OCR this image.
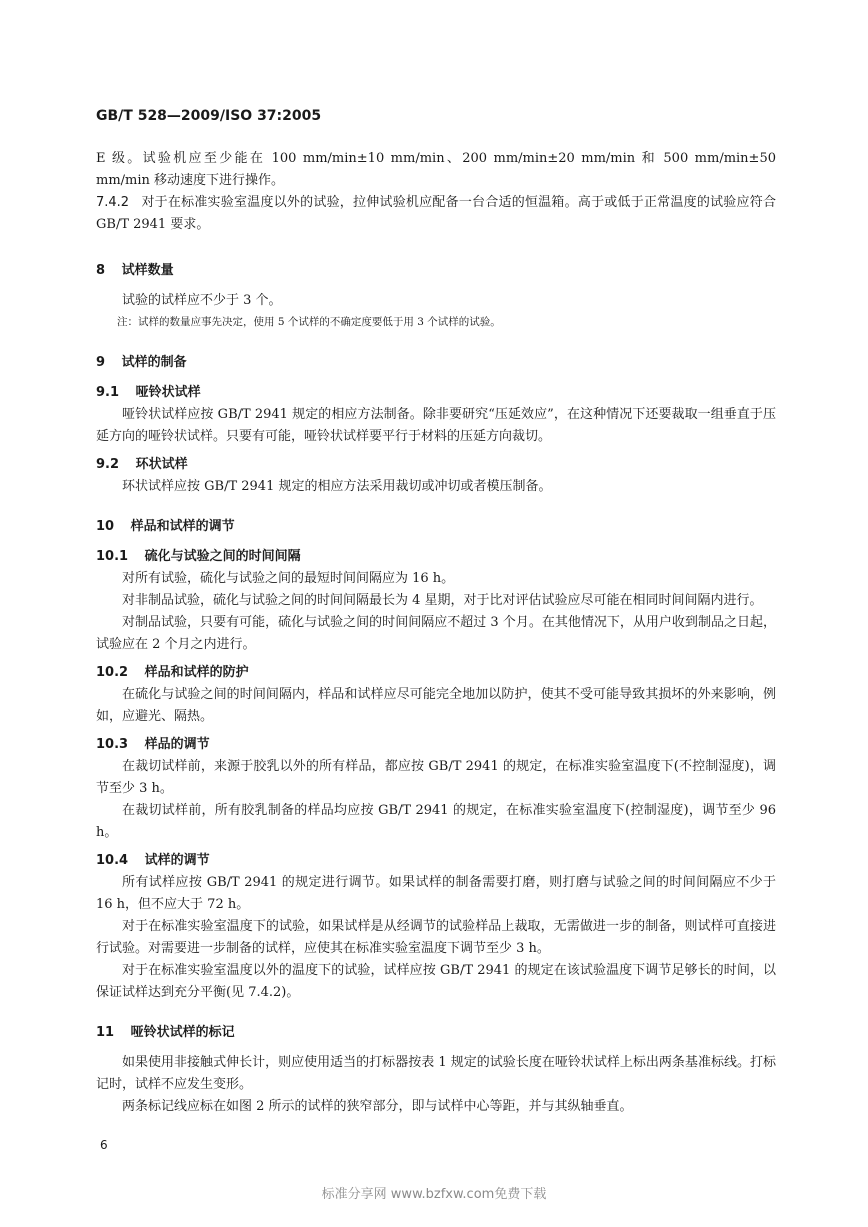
GB/T 528—2009/ISO 37:2005

E 级。试验机应至少能在 100 mm/min±10 mm/min、200 mm/min±20 mm/min 和 500 mm/min±50 mm/min 移动速度下进行操作。

7.4.2 对于在标准实验室温度以外的试验，拉伸试验机应配备一台合适的恒温箱。高于或低于正常温度的试验应符合 GB/T 2941 要求。

8 试样数量

试验的试样应不少于 3 个。

注：试样的数量应事先决定，使用 5 个试样的不确定度要低于用 3 个试样的试验。

9 试样的制备
9.1 哑铃状试样

哑铃状试样应按 GB/T 2941 规定的相应方法制备。除非要研究“压延效应”，在这种情况下还要裁取一组垂直于压延方向的哑铃状试样。只要有可能，哑铃状试样要平行于材料的压延方向裁切。

9.2 环状试样

环状试样应按 GB/T 2941 规定的相应方法采用裁切或冲切或者模压制备。

10 样品和试样的调节
10.1 硫化与试验之间的时间间隔

对所有试验，硫化与试验之间的最短时间间隔应为 16 h。

对非制品试验，硫化与试验之间的时间间隔最长为 4 星期，对于比对评估试验应尽可能在相同时间间隔内进行。

对制品试验，只要有可能，硫化与试验之间的时间间隔应不超过 3 个月。在其他情况下，从用户收到制品之日起，试验应在 2 个月之内进行。

10.2 样品和试样的防护

在硫化与试验之间的时间间隔内，样品和试样应尽可能完全地加以防护，使其不受可能导致其损坏的外来影响，例如，应避光、隔热。

10.3 样品的调节

在裁切试样前，来源于胶乳以外的所有样品，都应按 GB/T 2941 的规定，在标准实验室温度下(不控制湿度)，调节至少 3 h。

在裁切试样前，所有胶乳制备的样品均应按 GB/T 2941 的规定，在标准实验室温度下(控制湿度)，调节至少 96 h。

10.4 试样的调节

所有试样应按 GB/T 2941 的规定进行调节。如果试样的制备需要打磨，则打磨与试验之间的时间间隔应不少于 16 h，但不应大于 72 h。

对于在标准实验室温度下的试验，如果试样是从经调节的试验样品上裁取，无需做进一步的制备，则试样可直接进行试验。对需要进一步制备的试样，应使其在标准实验室温度下调节至少 3 h。

对于在标准实验室温度以外的温度下的试验，试样应按 GB/T 2941 的规定在该试验温度下调节足够长的时间，以保证试样达到充分平衡(见 7.4.2)。

11 哑铃状试样的标记

如果使用非接触式伸长计，则应使用适当的打标器按表 1 规定的试验长度在哑铃状试样上标出两条基准标线。打标记时，试样不应发生变形。

两条标记线应标在如图 2 所示的试样的狭窄部分，即与试样中心等距，并与其纵轴垂直。

6
标准分享网 www.bzfxw.com免费下载
